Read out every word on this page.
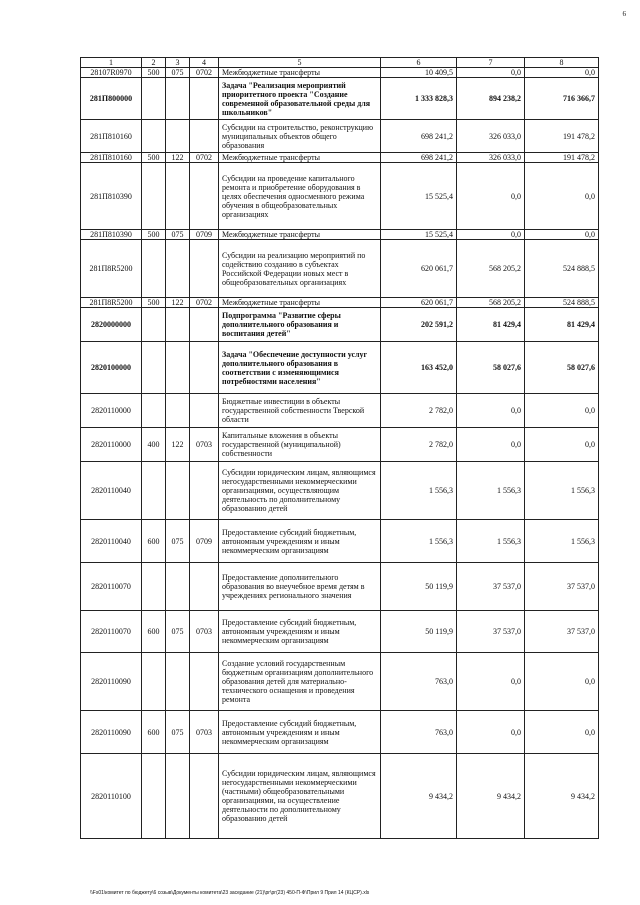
6
1	2	3	4	5	6	7	8
28107R0970	500	075	0702	Межбюджетные трансферты	10 409,5	0,0	0,0
281П800000				Задача "Реализация мероприятий приоритетного проекта "Создание современной образовательной среды для школьников"	1 333 828,3	894 238,2	716 366,7
281П810160				Субсидии на строительство, реконструкцию муниципальных объектов общего образования	698 241,2	326 033,0	191 478,2
281П810160	500	122	0702	Межбюджетные трансферты	698 241,2	326 033,0	191 478,2
281П810390				Субсидии на проведение капитального ремонта и приобретение оборудования в целях обеспечения односменного режима обучения в общеобразовательных организациях	15 525,4	0,0	0,0
281П810390	500	075	0709	Межбюджетные трансферты	15 525,4	0,0	0,0
281П8R5200				Субсидии на реализацию мероприятий по содействию созданию в субъектах Российской Федерации новых мест в общеобразовательных организациях	620 061,7	568 205,2	524 888,5
281П8R5200	500	122	0702	Межбюджетные трансферты	620 061,7	568 205,2	524 888,5
2820000000				Подпрограмма "Развитие сферы дополнительного образования и воспитания детей"	202 591,2	81 429,4	81 429,4
2820100000				Задача "Обеспечение доступности услуг дополнительного образования в соответствии с изменяющимися потребностями населения"	163 452,0	58 027,6	58 027,6
2820110000				Бюджетные инвестиции в объекты государственной собственности Тверской области	2 782,0	0,0	0,0
2820110000	400	122	0703	Капитальные вложения в объекты государственной (муниципальной) собственности	2 782,0	0,0	0,0
2820110040				Субсидии юридическим лицам, являющимся негосударственными некоммерческими организациями, осуществляющим деятельность по дополнительному образованию детей	1 556,3	1 556,3	1 556,3
2820110040	600	075	0709	Предоставление субсидий бюджетным, автономным учреждениям и иным некоммерческим организациям	1 556,3	1 556,3	1 556,3
2820110070				Предоставление дополнительного образования во внеучебное время детям в учреждениях регионального значения	50 119,9	37 537,0	37 537,0
2820110070	600	075	0703	Предоставление субсидий бюджетным, автономным учреждениям и иным некоммерческим организациям	50 119,9	37 537,0	37 537,0
2820110090				Создание условий государственным бюджетным организациям дополнительного образования детей для материально-технического оснащения и проведения ремонта	763,0	0,0	0,0
2820110090	600	075	0703	Предоставление субсидий бюджетным, автономным учреждениям и иным некоммерческим организациям	763,0	0,0	0,0
2820110100				Субсидии юридическим лицам, являющимся негосударственными некоммерческими (частными) общеобразовательными организациями, на осуществление деятельности по дополнительному образованию детей	9 434,2	9 434,2	9 434,2
\\Fs01\комитет по бюджету\6 созыв\Документы комитета\23 заседание (21)\рг\рг(23) 450-П-Ф\Прил 9 Прил 14 (КЦСР).xls
